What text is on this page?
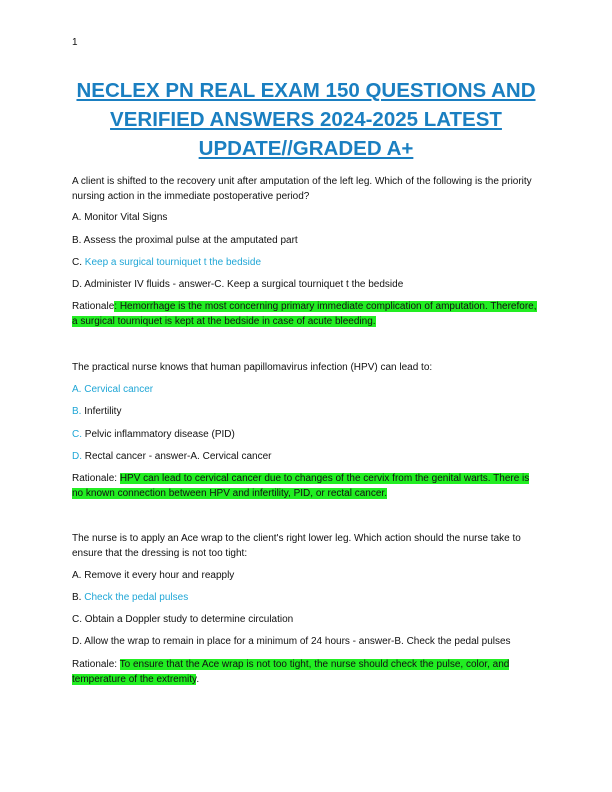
1
NECLEX PN REAL EXAM 150 QUESTIONS AND VERIFIED ANSWERS 2024-2025 LATEST UPDATE//GRADED A+
A client is shifted to the recovery unit after amputation of the left leg. Which of the following is the priority nursing action in the immediate postoperative period?
A. Monitor Vital Signs
B. Assess the proximal pulse at the amputated part
C. Keep a surgical tourniquet t the bedside
D. Administer IV fluids - answer-C. Keep a surgical tourniquet t the bedside
Rationale: Hemorrhage is the most concerning primary immediate complication of amputation. Therefore, a surgical tourniquet is kept at the bedside in case of acute bleeding.
The practical nurse knows that human papillomavirus infection (HPV) can lead to:
A. Cervical cancer
B. Infertility
C. Pelvic inflammatory disease (PID)
D. Rectal cancer - answer-A. Cervical cancer
Rationale: HPV can lead to cervical cancer due to changes of the cervix from the genital warts. There is no known connection between HPV and infertility, PID, or rectal cancer.
The nurse is to apply an Ace wrap to the client's right lower leg. Which action should the nurse take to ensure that the dressing is not too tight:
A. Remove it every hour and reapply
B. Check the pedal pulses
C. Obtain a Doppler study to determine circulation
D. Allow the wrap to remain in place for a minimum of 24 hours - answer-B. Check the pedal pulses
Rationale: To ensure that the Ace wrap is not too tight, the nurse should check the pulse, color, and temperature of the extremity.
